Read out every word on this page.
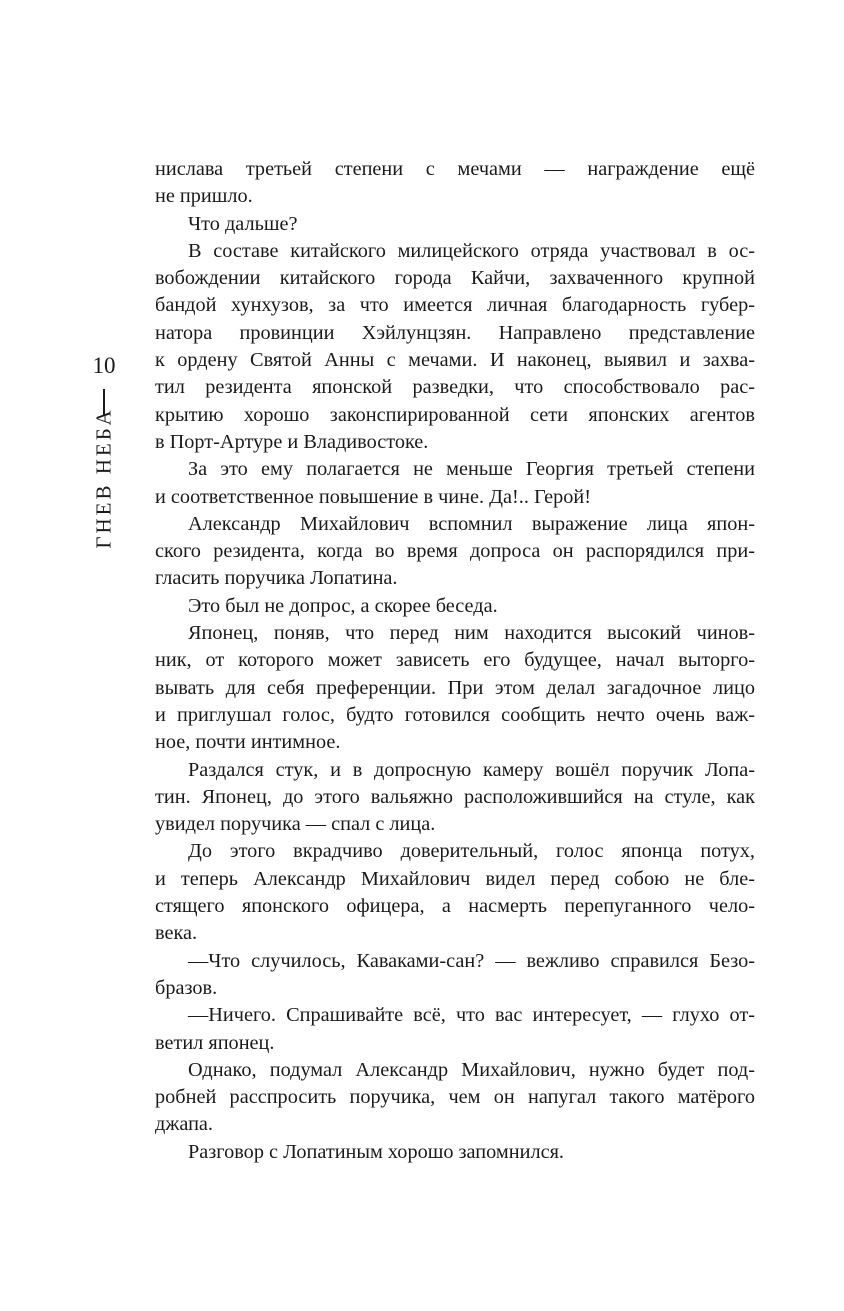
10
ГНЕВ НЕБА
нислава третьей степени с мечами — награждение ещё
не пришло.
Что дальше?
В составе китайского милицейского отряда участвовал в ос-
вобождении китайского города Кайчи, захваченного крупной
бандой хунхузов, за что имеется личная благодарность губер-
натора провинции Хэйлунцзян. Направлено представление
к ордену Святой Анны с мечами. И наконец, выявил и захва-
тил резидента японской разведки, что способствовало рас-
крытию хорошо законспирированной сети японских агентов
в Порт-Артуре и Владивостоке.
За это ему полагается не меньше Георгия третьей степени
и соответственное повышение в чине. Да!.. Герой!
Александр Михайлович вспомнил выражение лица япон-
ского резидента, когда во время допроса он распорядился при-
гласить поручика Лопатина.
Это был не допрос, а скорее беседа.
Японец, поняв, что перед ним находится высокий чинов-
ник, от которого может зависеть его будущее, начал выторго-
вывать для себя преференции. При этом делал загадочное лицо
и приглушал голос, будто готовился сообщить нечто очень важ-
ное, почти интимное.
Раздался стук, и в допросную камеру вошёл поручик Лопа-
тин. Японец, до этого вальяжно расположившийся на стуле, как
увидел поручика — спал с лица.
До этого вкрадчиво доверительный, голос японца потух,
и теперь Александр Михайлович видел перед собою не бле-
стящего японского офицера, а насмерть перепуганного чело-
века.
—Что случилось, Каваками-сан? — вежливо справился Безо-
бразов.
—Ничего. Спрашивайте всё, что вас интересует, — глухо от-
ветил японец.
Однако, подумал Александр Михайлович, нужно будет под-
робней расспросить поручика, чем он напугал такого матёрого
джапа.
Разговор с Лопатиным хорошо запомнился.
